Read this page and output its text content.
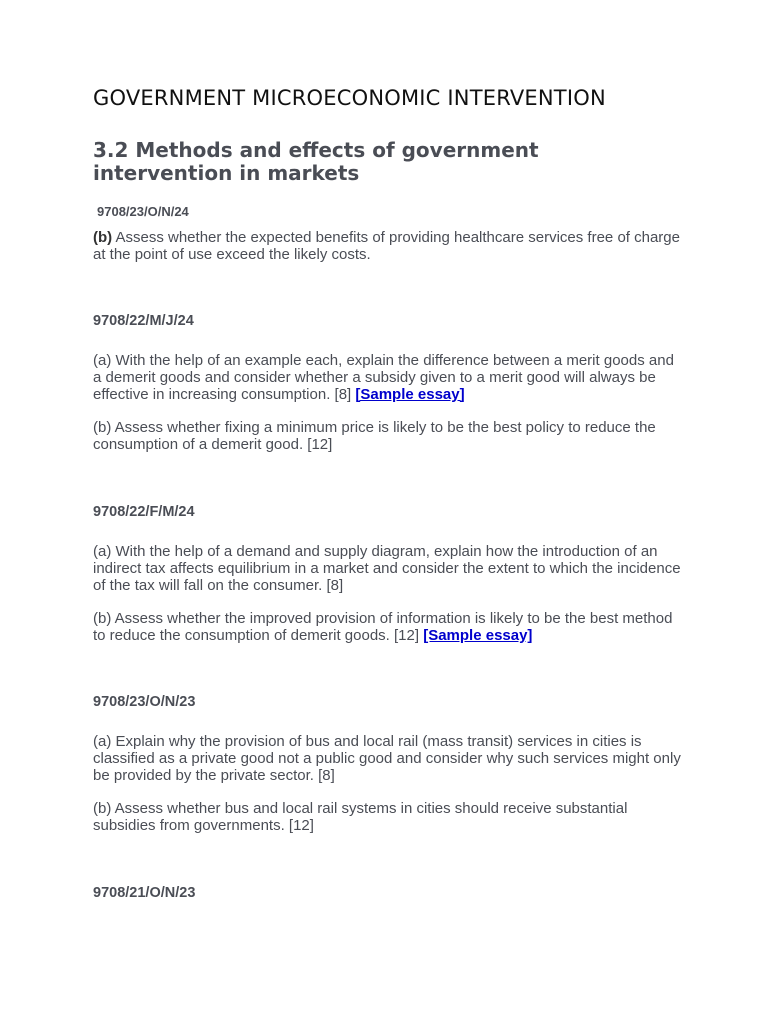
GOVERNMENT MICROECONOMIC INTERVENTION
3.2 Methods and effects of government intervention in markets
9708/23/O/N/24

(b) Assess whether the expected benefits of providing healthcare services free of charge at the point of use exceed the likely costs.

9708/22/M/J/24

(a) With the help of an example each, explain the difference between a merit goods and a demerit goods and consider whether a subsidy given to a merit good will always be effective in increasing consumption. [8] [Sample essay]

(b) Assess whether fixing a minimum price is likely to be the best policy to reduce the consumption of a demerit good. [12]

9708/22/F/M/24

(a) With the help of a demand and supply diagram, explain how the introduction of an indirect tax affects equilibrium in a market and consider the extent to which the incidence of the tax will fall on the consumer. [8]

(b) Assess whether the improved provision of information is likely to be the best method to reduce the consumption of demerit goods. [12] [Sample essay]

9708/23/O/N/23

(a) Explain why the provision of bus and local rail (mass transit) services in cities is classified as a private good not a public good and consider why such services might only be provided by the private sector. [8]

(b) Assess whether bus and local rail systems in cities should receive substantial subsidies from governments. [12]

9708/21/O/N/23
